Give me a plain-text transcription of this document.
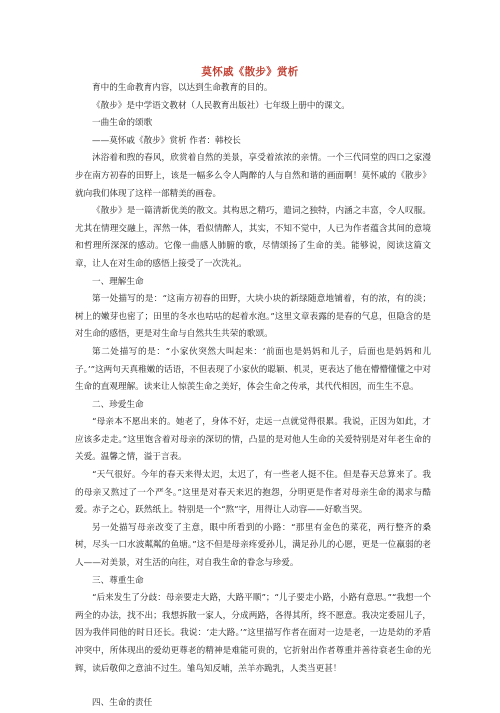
莫怀戚《散步》赏析

育中的生命教育内容，以达到生命教育的目的。

《散步》是中学语文教材（人民教育出版社）七年级上册中的课文。

一曲生命的颂歌

——莫怀戚《散步》赏析 作者：韩校长

沐浴着和煦的春风，欣赏着自然的美景，享受着浓浓的亲情。一个三代同堂的四口之家漫步在南方初春的田野上，该是一幅多么令人陶醉的人与自然和谐的画面啊！莫怀戚的《散步》就向我们体现了这样一部精美的画卷。

《散步》是一篇清新优美的散文。其构思之精巧，遣词之独特，内涵之丰富，令人叹服。尤其在情理交融上，浑然一体，看似情醉人，其实，不知不觉中，人已为作者蕴含其间的意境和哲理所深深的感动。它像一曲感人肺腑的歌，尽情颂扬了生命的美。能够说，阅读这篇文章，让人在对生命的感悟上接受了一次洗礼。

一、理解生命

第一处描写的是：“这南方初春的田野，大块小块的新绿随意地铺着，有的浓，有的淡；树上的嫩芽也密了；田里的冬水也咕咕的起着水泡。”这里文章表露的是春的气息，但隐含的是对生命的感悟，更是对生命与自然共生共荣的歌颂。

第二处描写的是：“小家伙突然大叫起来：‘前面也是妈妈和儿子，后面也是妈妈和儿子。’”这两句天真稚嫩的话语，不但表现了小家伙的聪颖、机灵，更表达了他在懵懵懂懂之中对生命的直观理解。读来让人惊羡生命之美好，体会生命之传承，其代代相因，而生生不息。

二、珍爱生命

“母亲本不愿出来的。她老了，身体不好，走远一点就觉得很累。我说，正因为如此，才应该多走走。”这里饱含着对母亲的深切的情，凸显的是对他人生命的关爱特别是对年老生命的关爱。温馨之情，溢于言表。

“天气很好。今年的春天来得太迟，太迟了，有一些老人挺不住。但是春天总算来了。我的母亲又熬过了一个严冬。”这里是对春天来迟的抱怨，分明更是作者对母亲生命的渴求与酷爱。赤子之心，跃然纸上。特别是一个“熬”字，用得让人动容——好歌当哭。

另一处描写母亲改变了主意，眼中所看到的小路：“那里有金色的菜花，两行整齐的桑树，尽头一口水波粼粼的鱼塘。”这不但是母亲疼爱孙儿，满足孙儿的心愿，更是一位羸弱的老人——对美景，对生活的向往，对自我生命的眷念与珍爱。

三、尊重生命

“后来发生了分歧：母亲要走大路，大路平顺”；“儿子要走小路，小路有意思。”“我想一个两全的办法，找不出；我想拆散一家人，分成两路，各得其所，终不愿意。我决定委屈儿子，因为我伴同他的时日还长。我说：‘走大路。’”这里描写作者在面对一边是老，一边是幼的矛盾冲突中，所体现出的爱幼更尊老的精神是难能可贵的，它折射出作者尊重并善待衰老生命的光辉，读后敬仰之意油不过生。雏鸟知反哺，羔羊亦跪乳，人类当更甚！

四、生命的责任
